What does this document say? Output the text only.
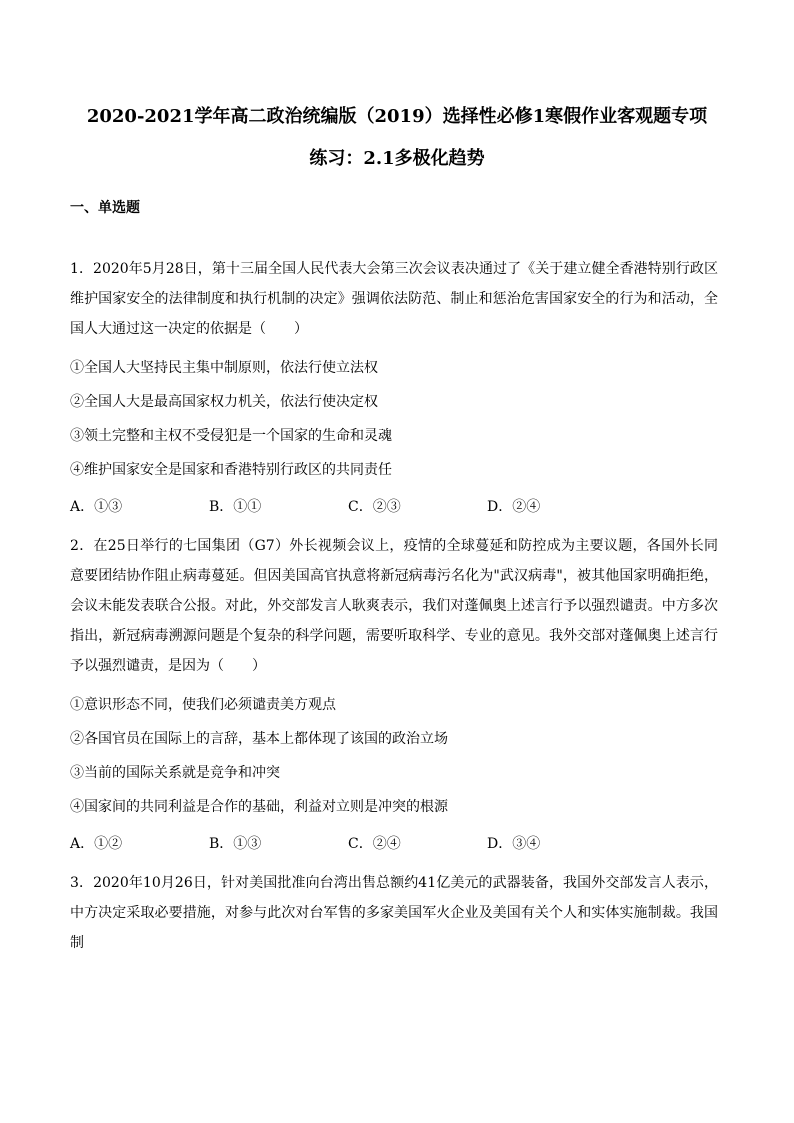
2020-2021学年高二政治统编版（2019）选择性必修1寒假作业客观题专项
练习：2.1多极化趋势
一、单选题

1．2020年5月28日，第十三届全国人民代表大会第三次会议表决通过了《关于建立健全香港特别行政区维护国家安全的法律制度和执行机制的决定》强调依法防范、制止和惩治危害国家安全的行为和活动，全国人大通过这一决定的依据是（　　）

①全国人大坚持民主集中制原则，依法行使立法权

②全国人大是最高国家权力机关，依法行使决定权

③领土完整和主权不受侵犯是一个国家的生命和灵魂

④维护国家安全是国家和香港特别行政区的共同责任

A．①③	B．①①	C．②③	D．②④

2．在25日举行的七国集团（G7）外长视频会议上，疫情的全球蔓延和防控成为主要议题，各国外长同意要团结协作阻止病毒蔓延。但因美国高官执意将新冠病毒污名化为"武汉病毒"，被其他国家明确拒绝，会议未能发表联合公报。对此，外交部发言人耿爽表示，我们对蓬佩奥上述言行予以强烈谴责。中方多次指出，新冠病毒溯源问题是个复杂的科学问题，需要听取科学、专业的意见。我外交部对蓬佩奥上述言行予以强烈谴责，是因为（　　）

①意识形态不同，使我们必须谴责美方观点

②各国官员在国际上的言辞，基本上都体现了该国的政治立场

③当前的国际关系就是竞争和冲突

④国家间的共同利益是合作的基础，利益对立则是冲突的根源

A．①②	B．①③	C．②④	D．③④

3．2020年10月26日，针对美国批准向台湾出售总额约41亿美元的武器装备，我国外交部发言人表示，中方决定采取必要措施，对参与此次对台军售的多家美国军火企业及美国有关个人和实体实施制裁。我国制
